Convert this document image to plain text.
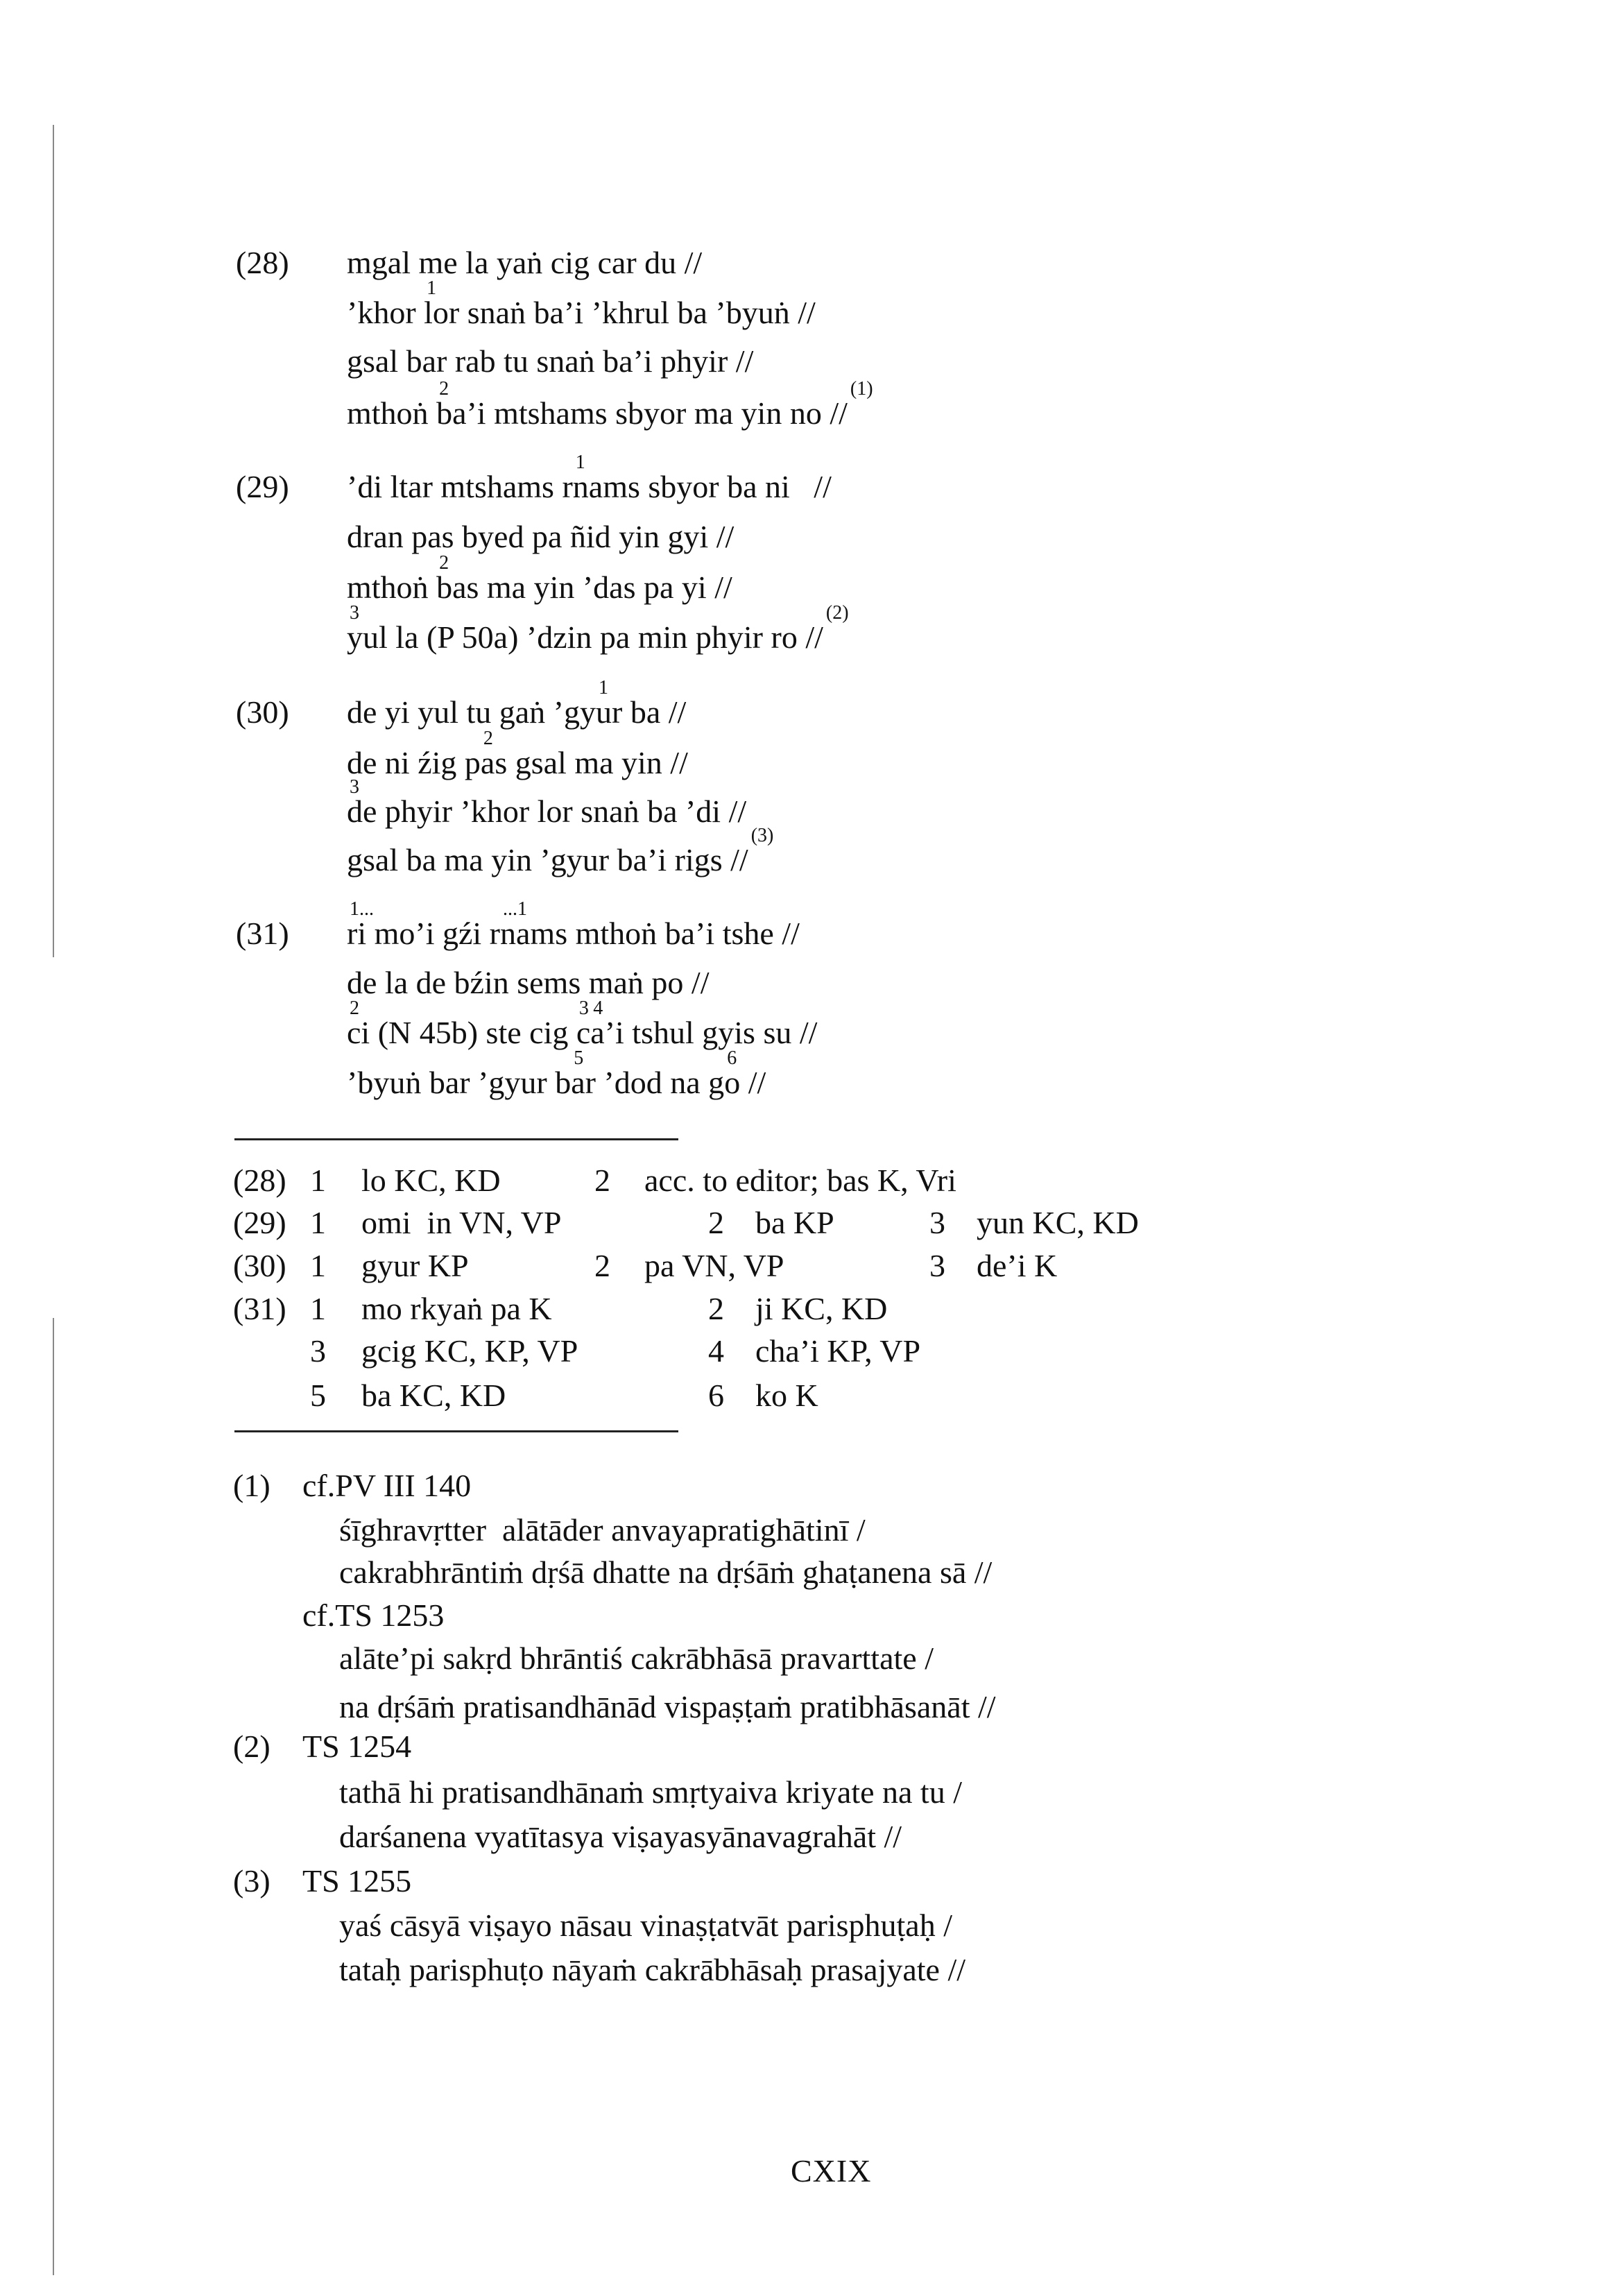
(28) mgal me la yaṅ cig car du //
’khor
1
lor snaṅ ba’i ’khrul ba ’byuṅ //
gsal bar rab tu snaṅ ba’i phyir //
mthoṅ
2
ba’i mtshams sbyor ma yin no //
(1)
(29) ’di ltar mtshams r
1
nams sbyor ba ni   //
dran pas byed pa ñid yin gyi //
mthoṅ
2
bas ma yin ’das pa yi //
3
yul la (P 50a) ’dzin pa min phyir ro //
(2)
(30) de yi yul tu gaṅ ’gy
1
ur ba //
de ni źig p
2
as gsal ma yin //
3
de phyir ’khor lor snaṅ ba ’di //
gsal ba ma yin ’gyur ba’i rigs //
(3)
(31)
1...
ri mo’i gźi r
...1
nams mthoṅ ba’i tshe //
de la de bźin sems maṅ po //
2
ci (N 45b) ste cig
3
c
4
a’i tshul gyis su //
’byuṅ bar ’gyur b
5
ar ’dod na g
6
o //
(28) 1 lo KC, KD	2 acc. to editor; bas K, Vri
(29) 1 omi  in VN, VP	2 ba KP	3 yun KC, KD
(30) 1 gyur KP	2 pa VN, VP	3 de’i K
(31) 1 mo rkyaṅ pa K	2 ji KC, KD
3 gcig KC, KP, VP	4 cha’i KP, VP
5 ba KC, KD	6 ko K
(1) cf.PV III 140
śīghravṛtter  alātāder anvayapratighātinī /
cakrabhrāntiṁ dṛśā dhatte na dṛśāṁ ghaṭanena sā //
cf.TS 1253
alāte’pi sakṛd bhrāntiś cakrābhāsā pravarttate /
na dṛśāṁ pratisandhānād vispaṣṭaṁ pratibhāsanāt //
(2) TS 1254
tathā hi pratisandhānaṁ smṛtyaiva kriyate na tu /
darśanena vyatītasya viṣayasyānavagrahāt //
(3) TS 1255
yaś cāsyā viṣayo nāsau vinaṣṭatvāt parisphuṭaḥ /
tataḥ parisphuṭo nāyaṁ cakrābhāsaḥ prasajyate //
CXIX
